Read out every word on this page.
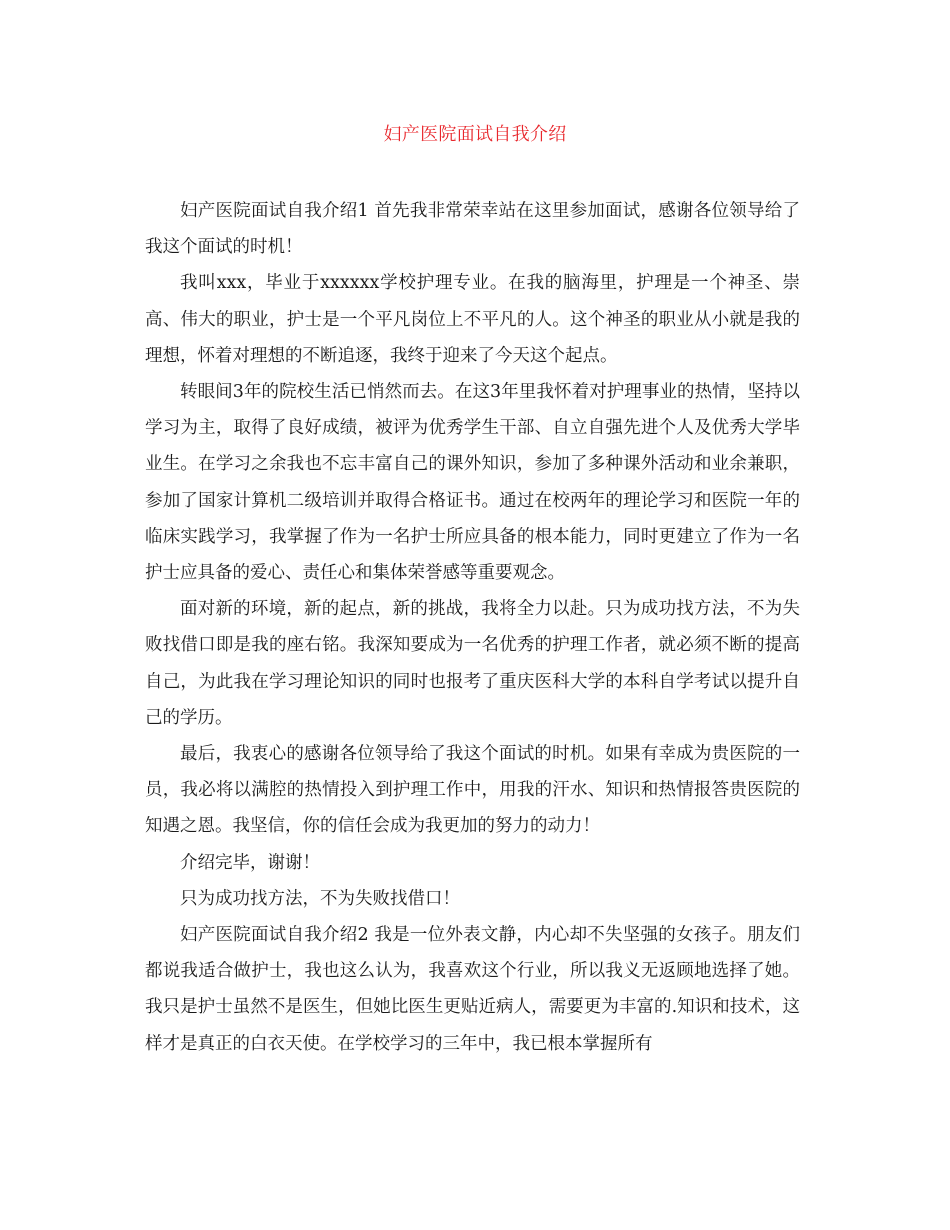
妇产医院面试自我介绍

妇产医院面试自我介绍1 首先我非常荣幸站在这里参加面试，感谢各位领导给了我这个面试的时机！

我叫xxx，毕业于xxxxxx学校护理专业。在我的脑海里，护理是一个神圣、崇高、伟大的职业，护士是一个平凡岗位上不平凡的人。这个神圣的职业从小就是我的理想，怀着对理想的不断追逐，我终于迎来了今天这个起点。

转眼间3年的院校生活已悄然而去。在这3年里我怀着对护理事业的热情，坚持以学习为主，取得了良好成绩，被评为优秀学生干部、自立自强先进个人及优秀大学毕业生。在学习之余我也不忘丰富自己的课外知识，参加了多种课外活动和业余兼职，参加了国家计算机二级培训并取得合格证书。通过在校两年的理论学习和医院一年的临床实践学习，我掌握了作为一名护士所应具备的根本能力，同时更建立了作为一名护士应具备的爱心、责任心和集体荣誉感等重要观念。

面对新的环境，新的起点，新的挑战，我将全力以赴。只为成功找方法，不为失败找借口即是我的座右铭。我深知要成为一名优秀的护理工作者，就必须不断的提高自己，为此我在学习理论知识的同时也报考了重庆医科大学的本科自学考试以提升自己的学历。

最后，我衷心的感谢各位领导给了我这个面试的时机。如果有幸成为贵医院的一员，我必将以满腔的热情投入到护理工作中，用我的汗水、知识和热情报答贵医院的知遇之恩。我坚信，你的信任会成为我更加的努力的动力！

介绍完毕，谢谢！

只为成功找方法，不为失败找借口！

妇产医院面试自我介绍2 我是一位外表文静，内心却不失坚强的女孩子。朋友们都说我适合做护士，我也这么认为，我喜欢这个行业，所以我义无返顾地选择了她。我只是护士虽然不是医生，但她比医生更贴近病人，需要更为丰富的.知识和技术，这样才是真正的白衣天使。在学校学习的三年中，我已根本掌握所有
